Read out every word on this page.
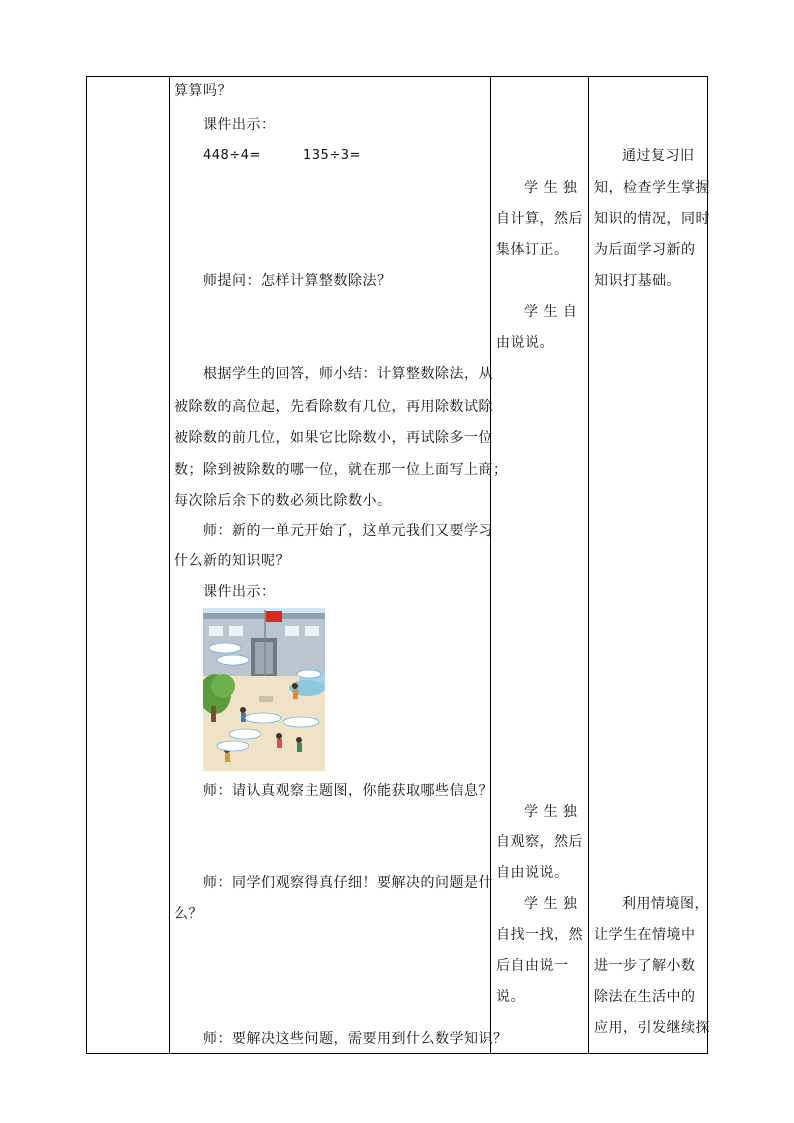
算算吗？
课件出示：
448÷4=	135÷3=
师提问：怎样计算整数除法？
根据学生的回答，师小结：计算整数除法，从
被除数的高位起，先看除数有几位，再用除数试除
被除数的前几位，如果它比除数小，再试除多一位
数；除到被除数的哪一位，就在那一位上面写上商；
每次除后余下的数必须比除数小。
师：新的一单元开始了，这单元我们又要学习
什么新的知识呢？
课件出示：
师：请认真观察主题图，你能获取哪些信息？
师：同学们观察得真仔细！要解决的问题是什
么？
师：要解决这些问题，需要用到什么数学知识？
学 生 独
自计算，然后
集体订正。
学 生 自
由说说。
学 生 独
自观察，然后
自由说说。
学 生 独
自找一找，然
后自由说一
说。
通过复习旧
知，检查学生掌握
知识的情况，同时
为后面学习新的
知识打基础。
利用情境图，
让学生在情境中
进一步了解小数
除法在生活中的
应用，引发继续探
